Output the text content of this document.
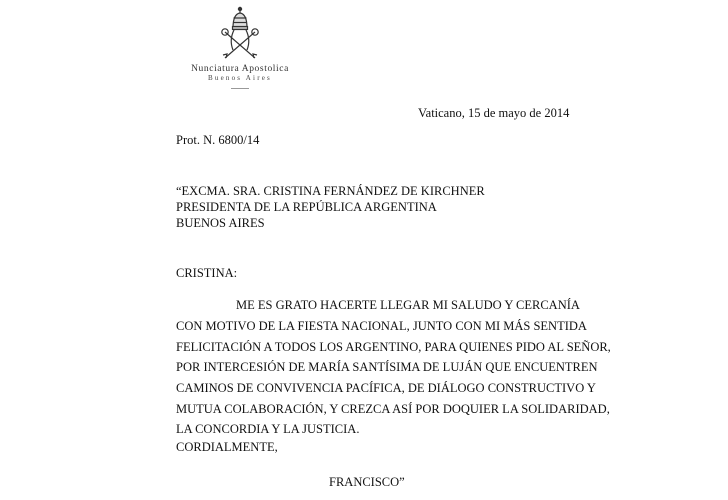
Nunciatura Apostolica
Buenos Aires
Vaticano, 15 de mayo de 2014
Prot. N. 6800/14
“EXCMA. SRA. CRISTINA FERNÁNDEZ DE KIRCHNER
PRESIDENTA DE LA REPÚBLICA ARGENTINA
BUENOS AIRES
CRISTINA:
ME ES GRATO HACERTE LLEGAR MI SALUDO Y CERCANÍA
CON MOTIVO DE LA FIESTA NACIONAL, JUNTO CON MI MÁS SENTIDA
FELICITACIÓN A TODOS LOS ARGENTINO, PARA QUIENES PIDO AL SEÑOR,
POR INTERCESIÓN DE MARÍA SANTÍSIMA DE LUJÁN QUE ENCUENTREN
CAMINOS DE CONVIVENCIA PACÍFICA, DE DIÁLOGO CONSTRUCTIVO Y
MUTUA COLABORACIÓN, Y CREZCA ASÍ POR DOQUIER LA SOLIDARIDAD,
LA CONCORDIA Y LA JUSTICIA.
CORDIALMENTE,
FRANCISCO”
